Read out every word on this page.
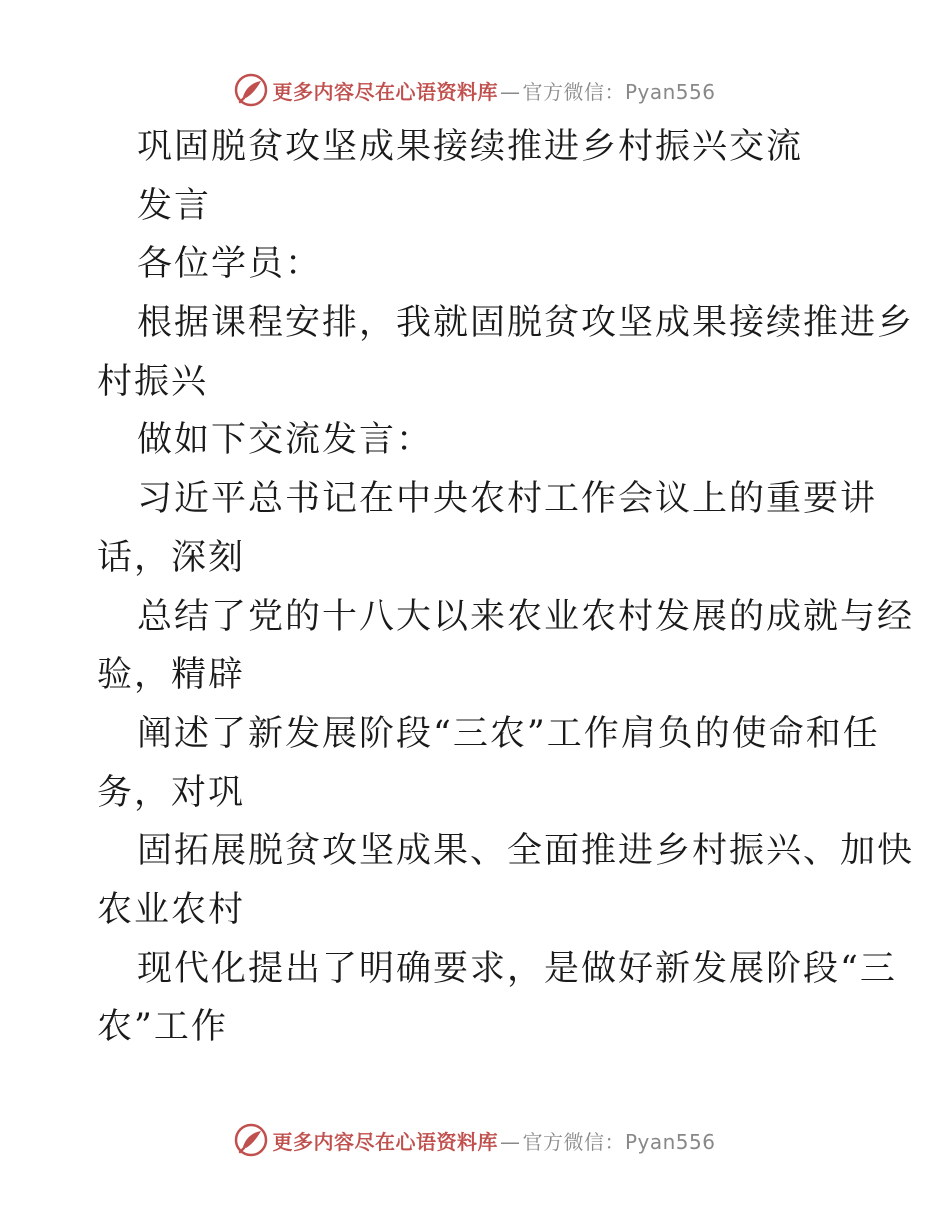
更多内容尽在心语资料库 — 官方微信：Pyan556
巩固脱贫攻坚成果接续推进乡村振兴交流
发言
各位学员：
根据课程安排，我就固脱贫攻坚成果接续推进乡
村振兴
做如下交流发言：
习近平总书记在中央农村工作会议上的重要讲
话，深刻
总结了党的十八大以来农业农村发展的成就与经
验，精辟
阐述了新发展阶段“三农”工作肩负的使命和任
务，对巩
固拓展脱贫攻坚成果、全面推进乡村振兴、加快
农业农村
现代化提出了明确要求，是做好新发展阶段“三
农”工作
更多内容尽在心语资料库 — 官方微信：Pyan556
